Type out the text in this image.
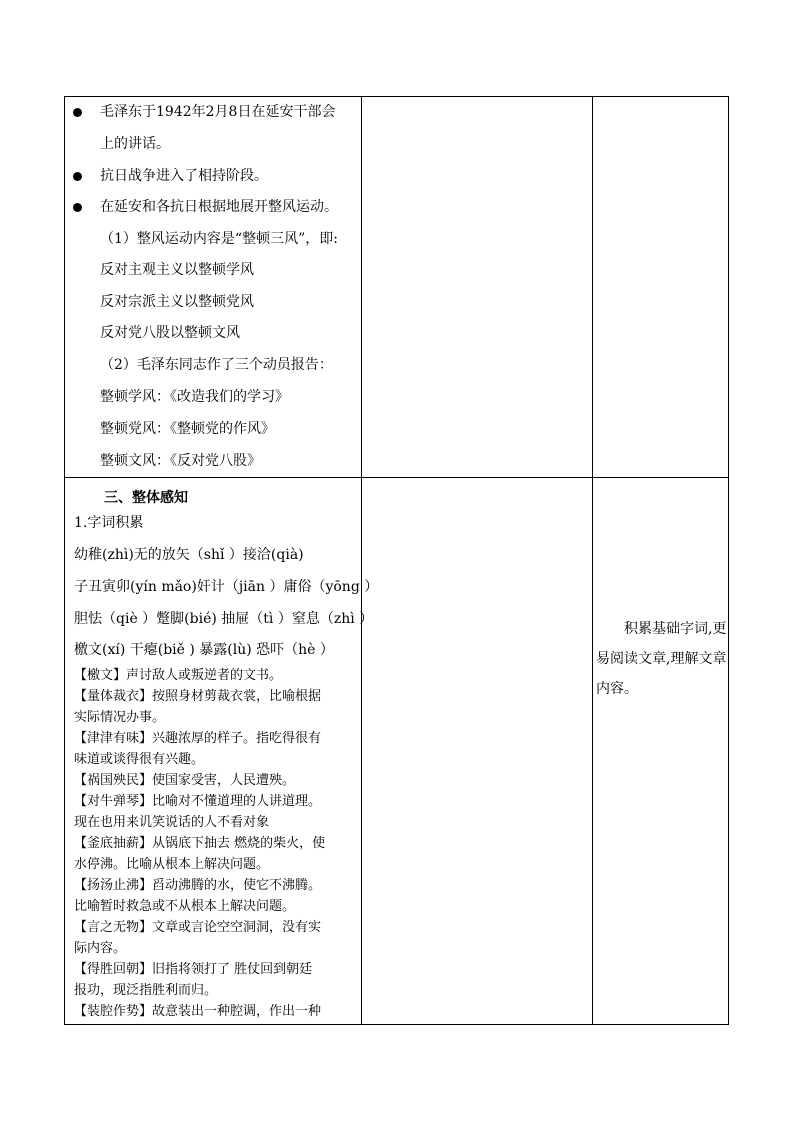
毛泽东于1942年2月8日在延安干部会
上的讲话。
抗日战争进入了相持阶段。
在延安和各抗日根据地展开整风运动。
（1）整风运动内容是“整顿三风”，即:
反对主观主义以整顿学风
反对宗派主义以整顿党风
反对党八股以整顿文风
（2）毛泽东同志作了三个动员报告：
整顿学风：《改造我们的学习》
整顿党风：《整顿党的作风》
整顿文风：《反对党八股》
三、整体感知
1.字词积累
幼稚(zhì)无的放矢（shǐ ）接洽(qià)
子丑寅卯(yín mǎo)奸计（jiān ）庸俗（yōng ）
胆怯（qiè ）蹩脚(bié) 抽屉（tì ）窒息（zhì ）
檄文(xí) 干瘪(biě ) 暴露(lù) 恐吓（hè ）
【檄文】声讨敌人或叛逆者的文书。
【量体裁衣】按照身材剪裁衣裳，比喻根据
实际情况办事。
【津津有味】兴趣浓厚的样子。指吃得很有
味道或谈得很有兴趣。
【祸国殃民】使国家受害，人民遭殃。
【对牛弹琴】比喻对不懂道理的人讲道理。
现在也用来讥笑说话的人不看对象
【釜底抽薪】从锅底下抽去 燃烧的柴火，使
水停沸。比喻从根本上解决问题。
【扬汤止沸】舀动沸腾的水，使它不沸腾。
比喻暂时救急或不从根本上解决问题。
【言之无物】文章或言论空空洞洞，没有实
际内容。
【得胜回朝】旧指将领打了 胜仗回到朝廷
报功，现泛指胜利而归。
【装腔作势】故意装出一种腔调，作出一种
积累基础字词,更易阅读文章,理解文章内容。
